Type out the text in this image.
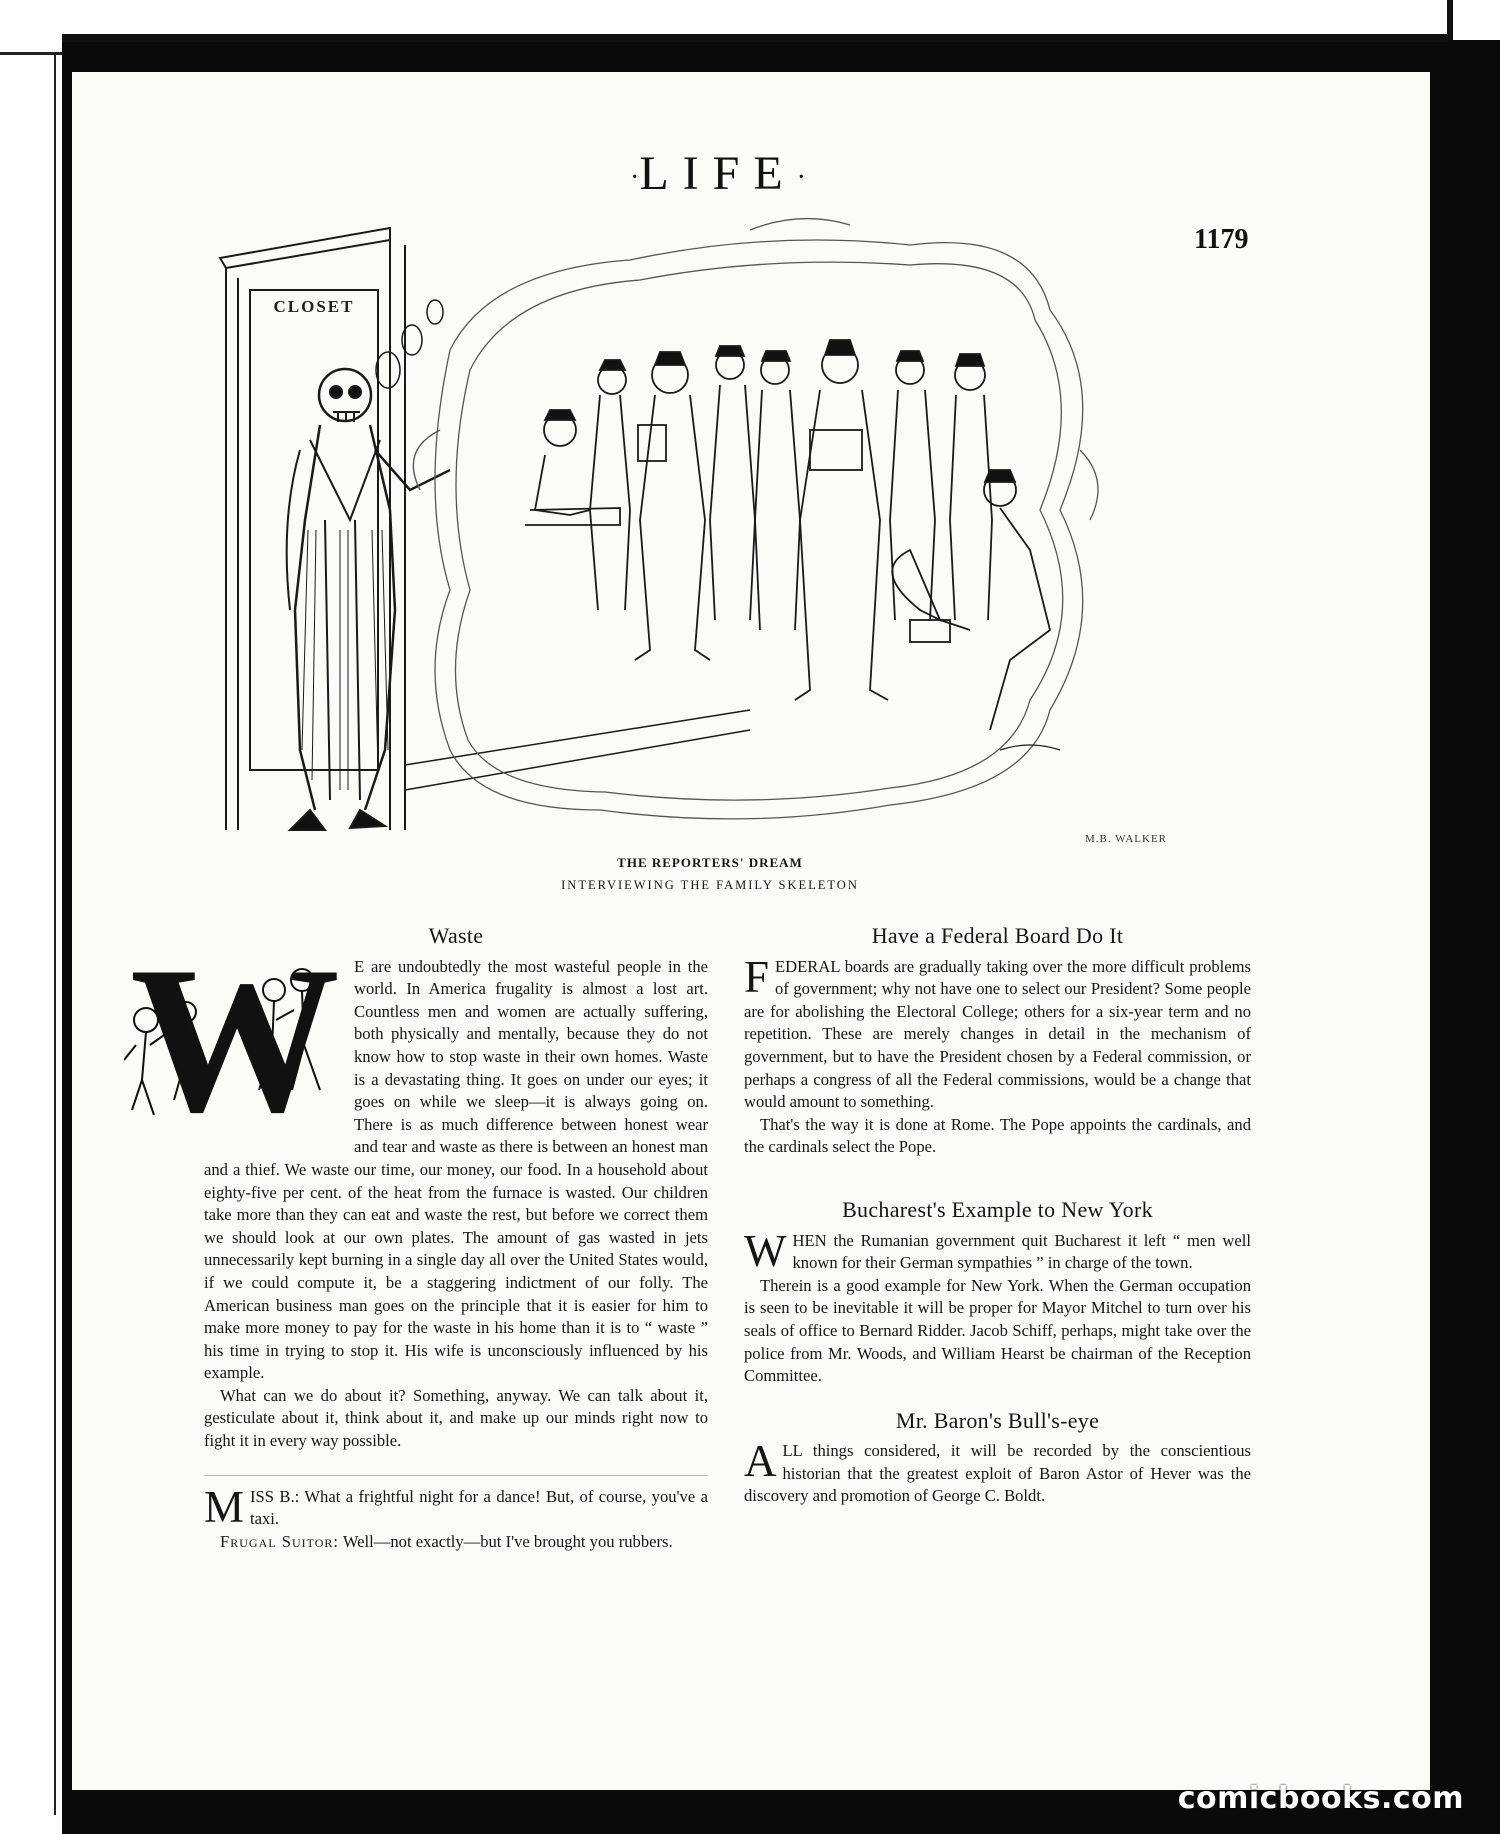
·LIFE·
1179
CLOSET
M.B. WALKER
THE REPORTERS' DREAM
INTERVIEWING THE FAMILY SKELETON
Waste
W E are undoubtedly the most wasteful people in the world. In America frugality is almost a lost art. Countless men and women are actually suffering, both physically and mentally, because they do not know how to stop waste in their own homes. Waste is a devastating thing. It goes on under our eyes; it goes on while we sleep—it is always going on. There is as much difference between honest wear and tear and waste as there is between an honest man and a thief. We waste our time, our money, our food. In a household about eighty-five per cent. of the heat from the furnace is wasted. Our children take more than they can eat and waste the rest, but before we correct them we should look at our own plates. The amount of gas wasted in jets unnecessarily kept burning in a single day all over the United States would, if we could compute it, be a staggering indictment of our folly. The American business man goes on the principle that it is easier for him to make more money to pay for the waste in his home than it is to “ waste ” his time in trying to stop it. His wife is unconsciously influenced by his example.

What can we do about it? Something, anyway. We can talk about it, gesticulate about it, think about it, and make up our minds right now to fight it in every way possible.

MISS B.: What a frightful night for a dance! But, of course, you've a taxi.

Frugal Suitor: Well—not exactly—but I've brought you rubbers.

Have a Federal Board Do It

FEDERAL boards are gradually taking over the more difficult problems of government; why not have one to select our President? Some people are for abolishing the Electoral College; others for a six-year term and no repetition. These are merely changes in detail in the mechanism of government, but to have the President chosen by a Federal commission, or perhaps a congress of all the Federal commissions, would be a change that would amount to something.

That's the way it is done at Rome. The Pope appoints the cardinals, and the cardinals select the Pope.

Bucharest's Example to New York

WHEN the Rumanian government quit Bucharest it left “ men well known for their German sympathies ” in charge of the town.

Therein is a good example for New York. When the German occupation is seen to be inevitable it will be proper for Mayor Mitchel to turn over his seals of office to Bernard Ridder. Jacob Schiff, perhaps, might take over the police from Mr. Woods, and William Hearst be chairman of the Reception Committee.

Mr. Baron's Bull's-eye

ALL things considered, it will be recorded by the conscientious historian that the greatest exploit of Baron Astor of Hever was the discovery and promotion of George C. Boldt.

comicbooks.com
